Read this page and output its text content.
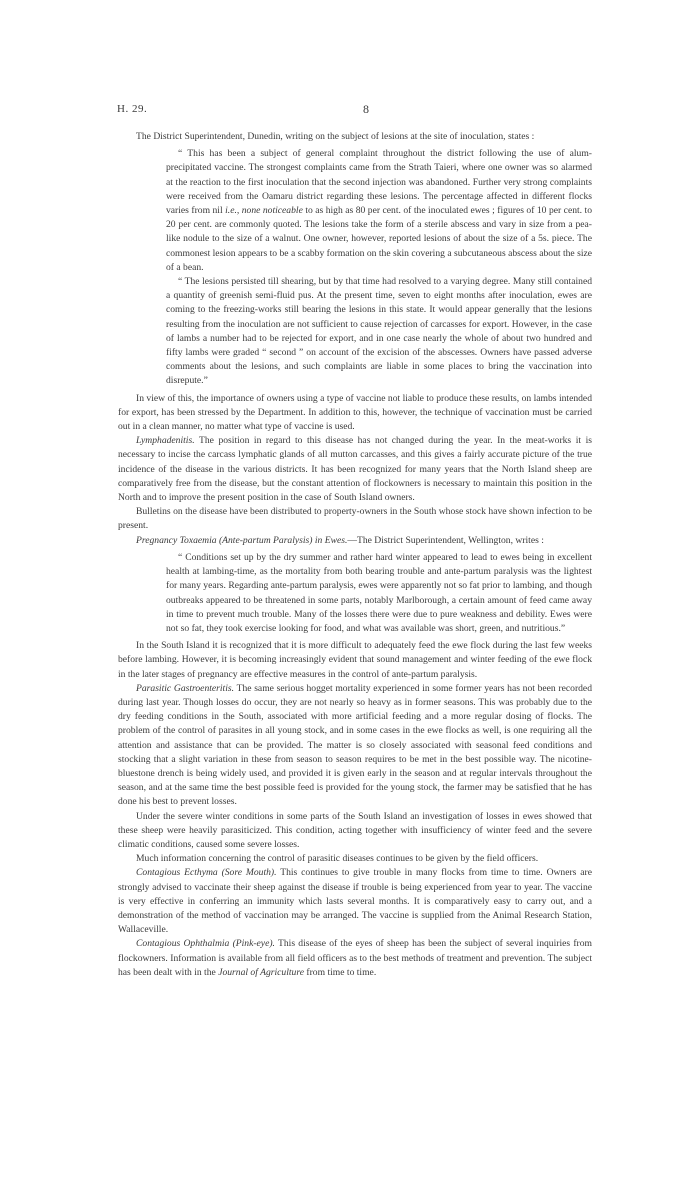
H. 29.	8

The District Superintendent, Dunedin, writing on the subject of lesions at the site of inoculation, states :

“ This has been a subject of general complaint throughout the district following the use of alum-precipitated vaccine. The strongest complaints came from the Strath Taieri, where one owner was so alarmed at the reaction to the first inoculation that the second injection was abandoned. Further very strong complaints were received from the Oamaru district regarding these lesions. The percentage affected in different flocks varies from nil i.e., none noticeable to as high as 80 per cent. of the inoculated ewes ; figures of 10 per cent. to 20 per cent. are commonly quoted. The lesions take the form of a sterile abscess and vary in size from a pea-like nodule to the size of a walnut. One owner, however, reported lesions of about the size of a 5s. piece. The commonest lesion appears to be a scabby formation on the skin covering a subcutaneous abscess about the size of a bean.

“ The lesions persisted till shearing, but by that time had resolved to a varying degree. Many still contained a quantity of greenish semi-fluid pus. At the present time, seven to eight months after inoculation, ewes are coming to the freezing-works still bearing the lesions in this state. It would appear generally that the lesions resulting from the inoculation are not sufficient to cause rejection of carcasses for export. However, in the case of lambs a number had to be rejected for export, and in one case nearly the whole of about two hundred and fifty lambs were graded “ second ” on account of the excision of the abscesses. Owners have passed adverse comments about the lesions, and such complaints are liable in some places to bring the vaccination into disrepute.”

In view of this, the importance of owners using a type of vaccine not liable to produce these results, on lambs intended for export, has been stressed by the Department. In addition to this, however, the technique of vaccination must be carried out in a clean manner, no matter what type of vaccine is used.

Lymphadenitis. The position in regard to this disease has not changed during the year. In the meat-works it is necessary to incise the carcass lymphatic glands of all mutton carcasses, and this gives a fairly accurate picture of the true incidence of the disease in the various districts. It has been recognized for many years that the North Island sheep are comparatively free from the disease, but the constant attention of flockowners is necessary to maintain this position in the North and to improve the present position in the case of South Island owners.

Bulletins on the disease have been distributed to property-owners in the South whose stock have shown infection to be present.

Pregnancy Toxaemia (Ante-partum Paralysis) in Ewes.—The District Superintendent, Wellington, writes :

“ Conditions set up by the dry summer and rather hard winter appeared to lead to ewes being in excellent health at lambing-time, as the mortality from both bearing trouble and ante-partum paralysis was the lightest for many years. Regarding ante-partum paralysis, ewes were apparently not so fat prior to lambing, and though outbreaks appeared to be threatened in some parts, notably Marlborough, a certain amount of feed came away in time to prevent much trouble. Many of the losses there were due to pure weakness and debility. Ewes were not so fat, they took exercise looking for food, and what was available was short, green, and nutritious.”

In the South Island it is recognized that it is more difficult to adequately feed the ewe flock during the last few weeks before lambing. However, it is becoming increasingly evident that sound management and winter feeding of the ewe flock in the later stages of pregnancy are effective measures in the control of ante-partum paralysis.

Parasitic Gastroenteritis. The same serious hogget mortality experienced in some former years has not been recorded during last year. Though losses do occur, they are not nearly so heavy as in former seasons. This was probably due to the dry feeding conditions in the South, associated with more artificial feeding and a more regular dosing of flocks. The problem of the control of parasites in all young stock, and in some cases in the ewe flocks as well, is one requiring all the attention and assistance that can be provided. The matter is so closely associated with seasonal feed conditions and stocking that a slight variation in these from season to season requires to be met in the best possible way. The nicotine-bluestone drench is being widely used, and provided it is given early in the season and at regular intervals throughout the season, and at the same time the best possible feed is provided for the young stock, the farmer may be satisfied that he has done his best to prevent losses.

Under the severe winter conditions in some parts of the South Island an investigation of losses in ewes showed that these sheep were heavily parasiticized. This condition, acting together with insufficiency of winter feed and the severe climatic conditions, caused some severe losses.

Much information concerning the control of parasitic diseases continues to be given by the field officers.

Contagious Ecthyma (Sore Mouth). This continues to give trouble in many flocks from time to time. Owners are strongly advised to vaccinate their sheep against the disease if trouble is being experienced from year to year. The vaccine is very effective in conferring an immunity which lasts several months. It is comparatively easy to carry out, and a demonstration of the method of vaccination may be arranged. The vaccine is supplied from the Animal Research Station, Wallaceville.

Contagious Ophthalmia (Pink-eye). This disease of the eyes of sheep has been the subject of several inquiries from flockowners. Information is available from all field officers as to the best methods of treatment and prevention. The subject has been dealt with in the Journal of Agriculture from time to time.
